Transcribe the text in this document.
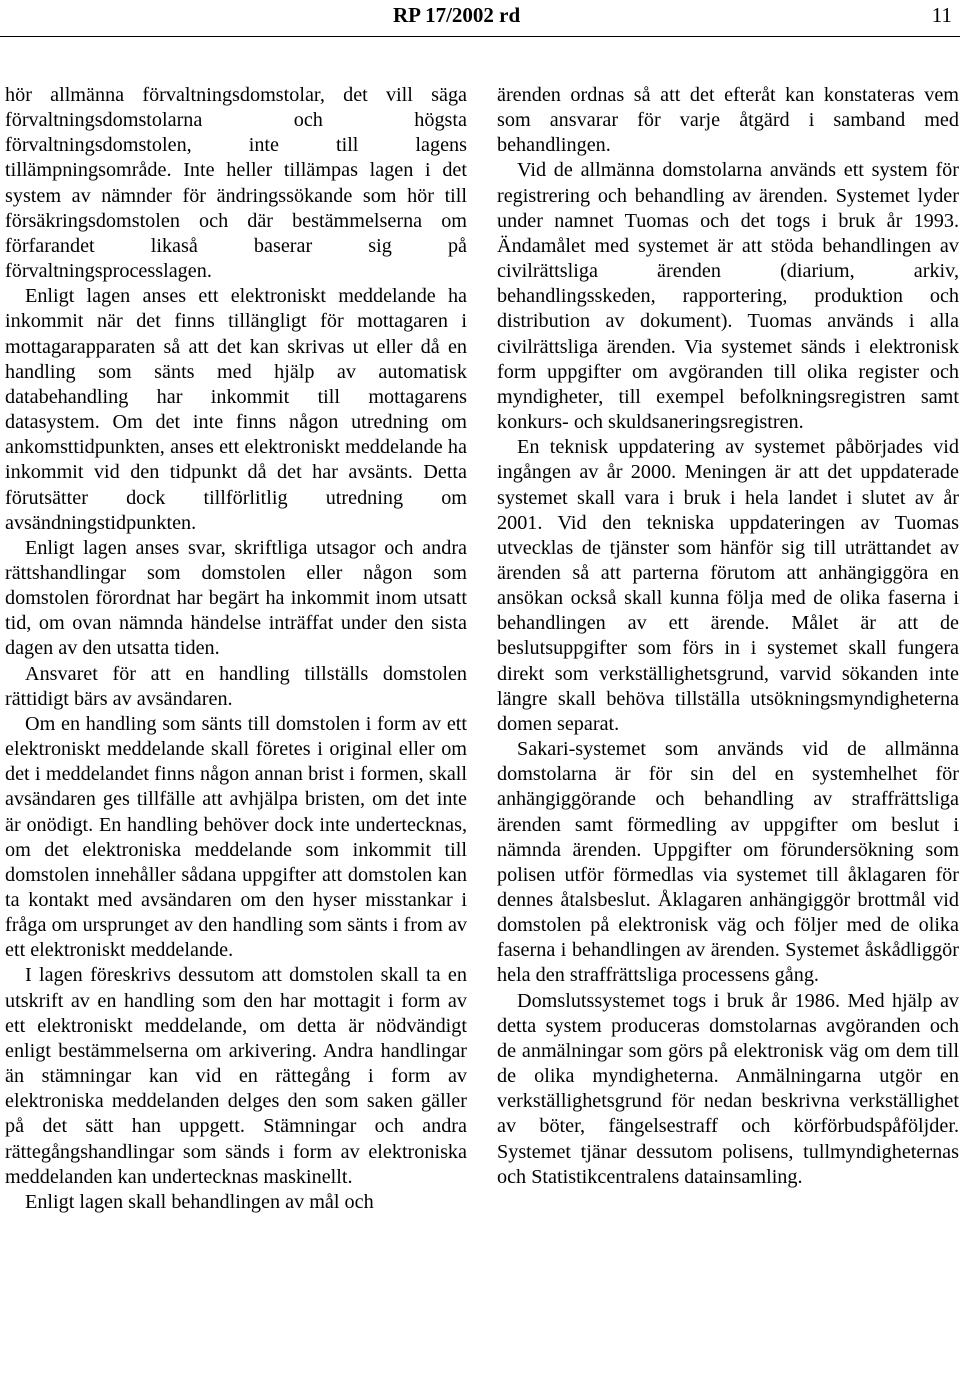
RP 17/2002 rd	11

hör allmänna förvaltningsdomstolar, det vill säga förvaltningsdomstolarna och högsta förvaltningsdomstolen, inte till lagens tillämpningsområde. Inte heller tillämpas lagen i det system av nämnder för ändringssökande som hör till försäkringsdomstolen och där bestämmelserna om förfarandet likaså baserar sig på förvaltningsprocesslagen.

Enligt lagen anses ett elektroniskt meddelande ha inkommit när det finns tillängligt för mottagaren i mottagarapparaten så att det kan skrivas ut eller då en handling som sänts med hjälp av automatisk databehandling har inkommit till mottagarens datasystem. Om det inte finns någon utredning om ankomsttidpunkten, anses ett elektroniskt meddelande ha inkommit vid den tidpunkt då det har avsänts. Detta förutsätter dock tillförlitlig utredning om avsändningstidpunkten.

Enligt lagen anses svar, skriftliga utsagor och andra rättshandlingar som domstolen eller någon som domstolen förordnat har begärt ha inkommit inom utsatt tid, om ovan nämnda händelse inträffat under den sista dagen av den utsatta tiden.

Ansvaret för att en handling tillställs domstolen rättidigt bärs av avsändaren.

Om en handling som sänts till domstolen i form av ett elektroniskt meddelande skall företes i original eller om det i meddelandet finns någon annan brist i formen, skall avsändaren ges tillfälle att avhjälpa bristen, om det inte är onödigt. En handling behöver dock inte undertecknas, om det elektroniska meddelande som inkommit till domstolen innehåller sådana uppgifter att domstolen kan ta kontakt med avsändaren om den hyser misstankar i fråga om ursprunget av den handling som sänts i from av ett elektroniskt meddelande.

I lagen föreskrivs dessutom att domstolen skall ta en utskrift av en handling som den har mottagit i form av ett elektroniskt meddelande, om detta är nödvändigt enligt bestämmelserna om arkivering. Andra handlingar än stämningar kan vid en rättegång i form av elektroniska meddelanden delges den som saken gäller på det sätt han uppgett. Stämningar och andra rättegångshandlingar som sänds i form av elektroniska meddelanden kan undertecknas maskinellt.

Enligt lagen skall behandlingen av mål och

ärenden ordnas så att det efteråt kan konstateras vem som ansvarar för varje åtgärd i samband med behandlingen.

Vid de allmänna domstolarna används ett system för registrering och behandling av ärenden. Systemet lyder under namnet Tuomas och det togs i bruk år 1993. Ändamålet med systemet är att stöda behandlingen av civilrättsliga ärenden (diarium, arkiv, behandlingsskeden, rapportering, produktion och distribution av dokument). Tuomas används i alla civilrättsliga ärenden. Via systemet sänds i elektronisk form uppgifter om avgöranden till olika register och myndigheter, till exempel befolkningsregistren samt konkurs- och skuldsaneringsregistren.

En teknisk uppdatering av systemet påbörjades vid ingången av år 2000. Meningen är att det uppdaterade systemet skall vara i bruk i hela landet i slutet av år 2001. Vid den tekniska uppdateringen av Tuomas utvecklas de tjänster som hänför sig till uträttandet av ärenden så att parterna förutom att anhängiggöra en ansökan också skall kunna följa med de olika faserna i behandlingen av ett ärende. Målet är att de beslutsuppgifter som förs in i systemet skall fungera direkt som verkställighetsgrund, varvid sökanden inte längre skall behöva tillställa utsökningsmyndigheterna domen separat.

Sakari-systemet som används vid de allmänna domstolarna är för sin del en systemhelhet för anhängiggörande och behandling av straffrättsliga ärenden samt förmedling av uppgifter om beslut i nämnda ärenden. Uppgifter om förundersökning som polisen utför förmedlas via systemet till åklagaren för dennes åtalsbeslut. Åklagaren anhängiggör brottmål vid domstolen på elektronisk väg och följer med de olika faserna i behandlingen av ärenden. Systemet åskådliggör hela den straffrättsliga processens gång.

Domslutssystemet togs i bruk år 1986. Med hjälp av detta system produceras domstolarnas avgöranden och de anmälningar som görs på elektronisk väg om dem till de olika myndigheterna. Anmälningarna utgör en verkställighetsgrund för nedan beskrivna verkställighet av böter, fängelsestraff och körförbudspåföljder. Systemet tjänar dessutom polisens, tullmyndigheternas och Statistikcentralens datainsamling.
